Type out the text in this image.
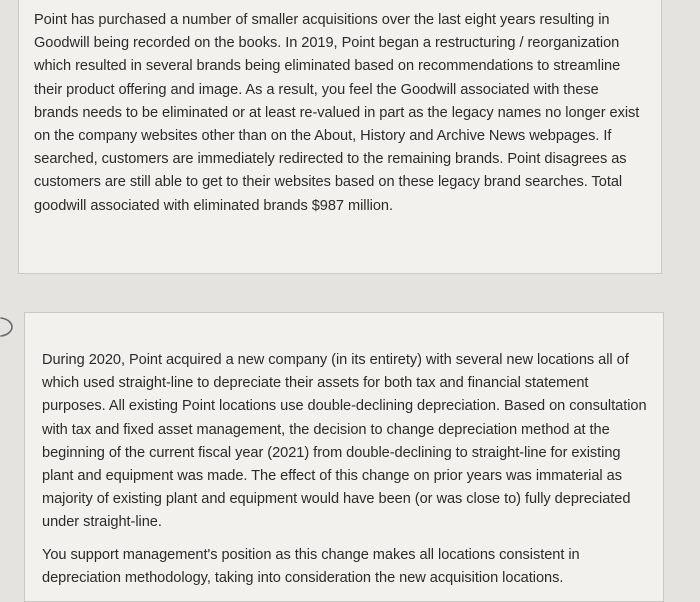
Point has purchased a number of smaller acquisitions over the last eight years resulting in Goodwill being recorded on the books. In 2019, Point began a restructuring / reorganization which resulted in several brands being eliminated based on recommendations to streamline their product offering and image. As a result, you feel the Goodwill associated with these brands needs to be eliminated or at least re-valued in part as the legacy names no longer exist on the company websites other than on the About, History and Archive News webpages. If searched, customers are immediately redirected to the remaining brands. Point disagrees as customers are still able to get to their websites based on these legacy brand searches. Total goodwill associated with eliminated brands $987 million.

During 2020, Point acquired a new company (in its entirety) with several new locations all of which used straight-line to depreciate their assets for both tax and financial statement purposes. All existing Point locations use double-declining depreciation. Based on consultation with tax and fixed asset management, the decision to change depreciation method at the beginning of the current fiscal year (2021) from double-declining to straight-line for existing plant and equipment was made. The effect of this change on prior years was immaterial as majority of existing plant and equipment would have been (or was close to) fully depreciated under straight-line.

You support management's position as this change makes all locations consistent in depreciation methodology, taking into consideration the new acquisition locations.
